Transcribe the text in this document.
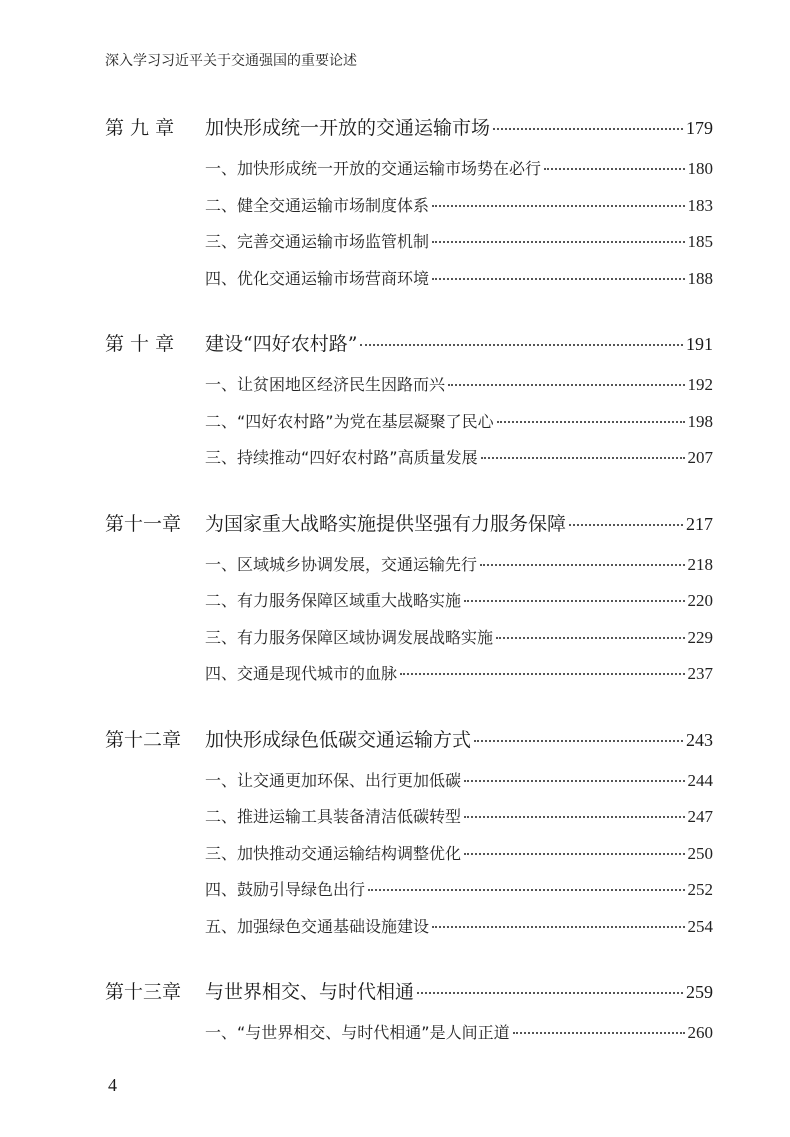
深入学习习近平关于交通强国的重要论述
第 九 章	加快形成统一开放的交通运输市场	179
一、加快形成统一开放的交通运输市场势在必行	180
二、健全交通运输市场制度体系	183
三、完善交通运输市场监管机制	185
四、优化交通运输市场营商环境	188
第 十 章	建设“四好农村路”	191
一、让贫困地区经济民生因路而兴	192
二、“四好农村路”为党在基层凝聚了民心	198
三、持续推动“四好农村路”高质量发展	207
第十一章	为国家重大战略实施提供坚强有力服务保障	217
一、区域城乡协调发展，交通运输先行	218
二、有力服务保障区域重大战略实施	220
三、有力服务保障区域协调发展战略实施	229
四、交通是现代城市的血脉	237
第十二章	加快形成绿色低碳交通运输方式	243
一、让交通更加环保、出行更加低碳	244
二、推进运输工具装备清洁低碳转型	247
三、加快推动交通运输结构调整优化	250
四、鼓励引导绿色出行	252
五、加强绿色交通基础设施建设	254
第十三章	与世界相交、与时代相通	259
一、“与世界相交、与时代相通”是人间正道	260
4
